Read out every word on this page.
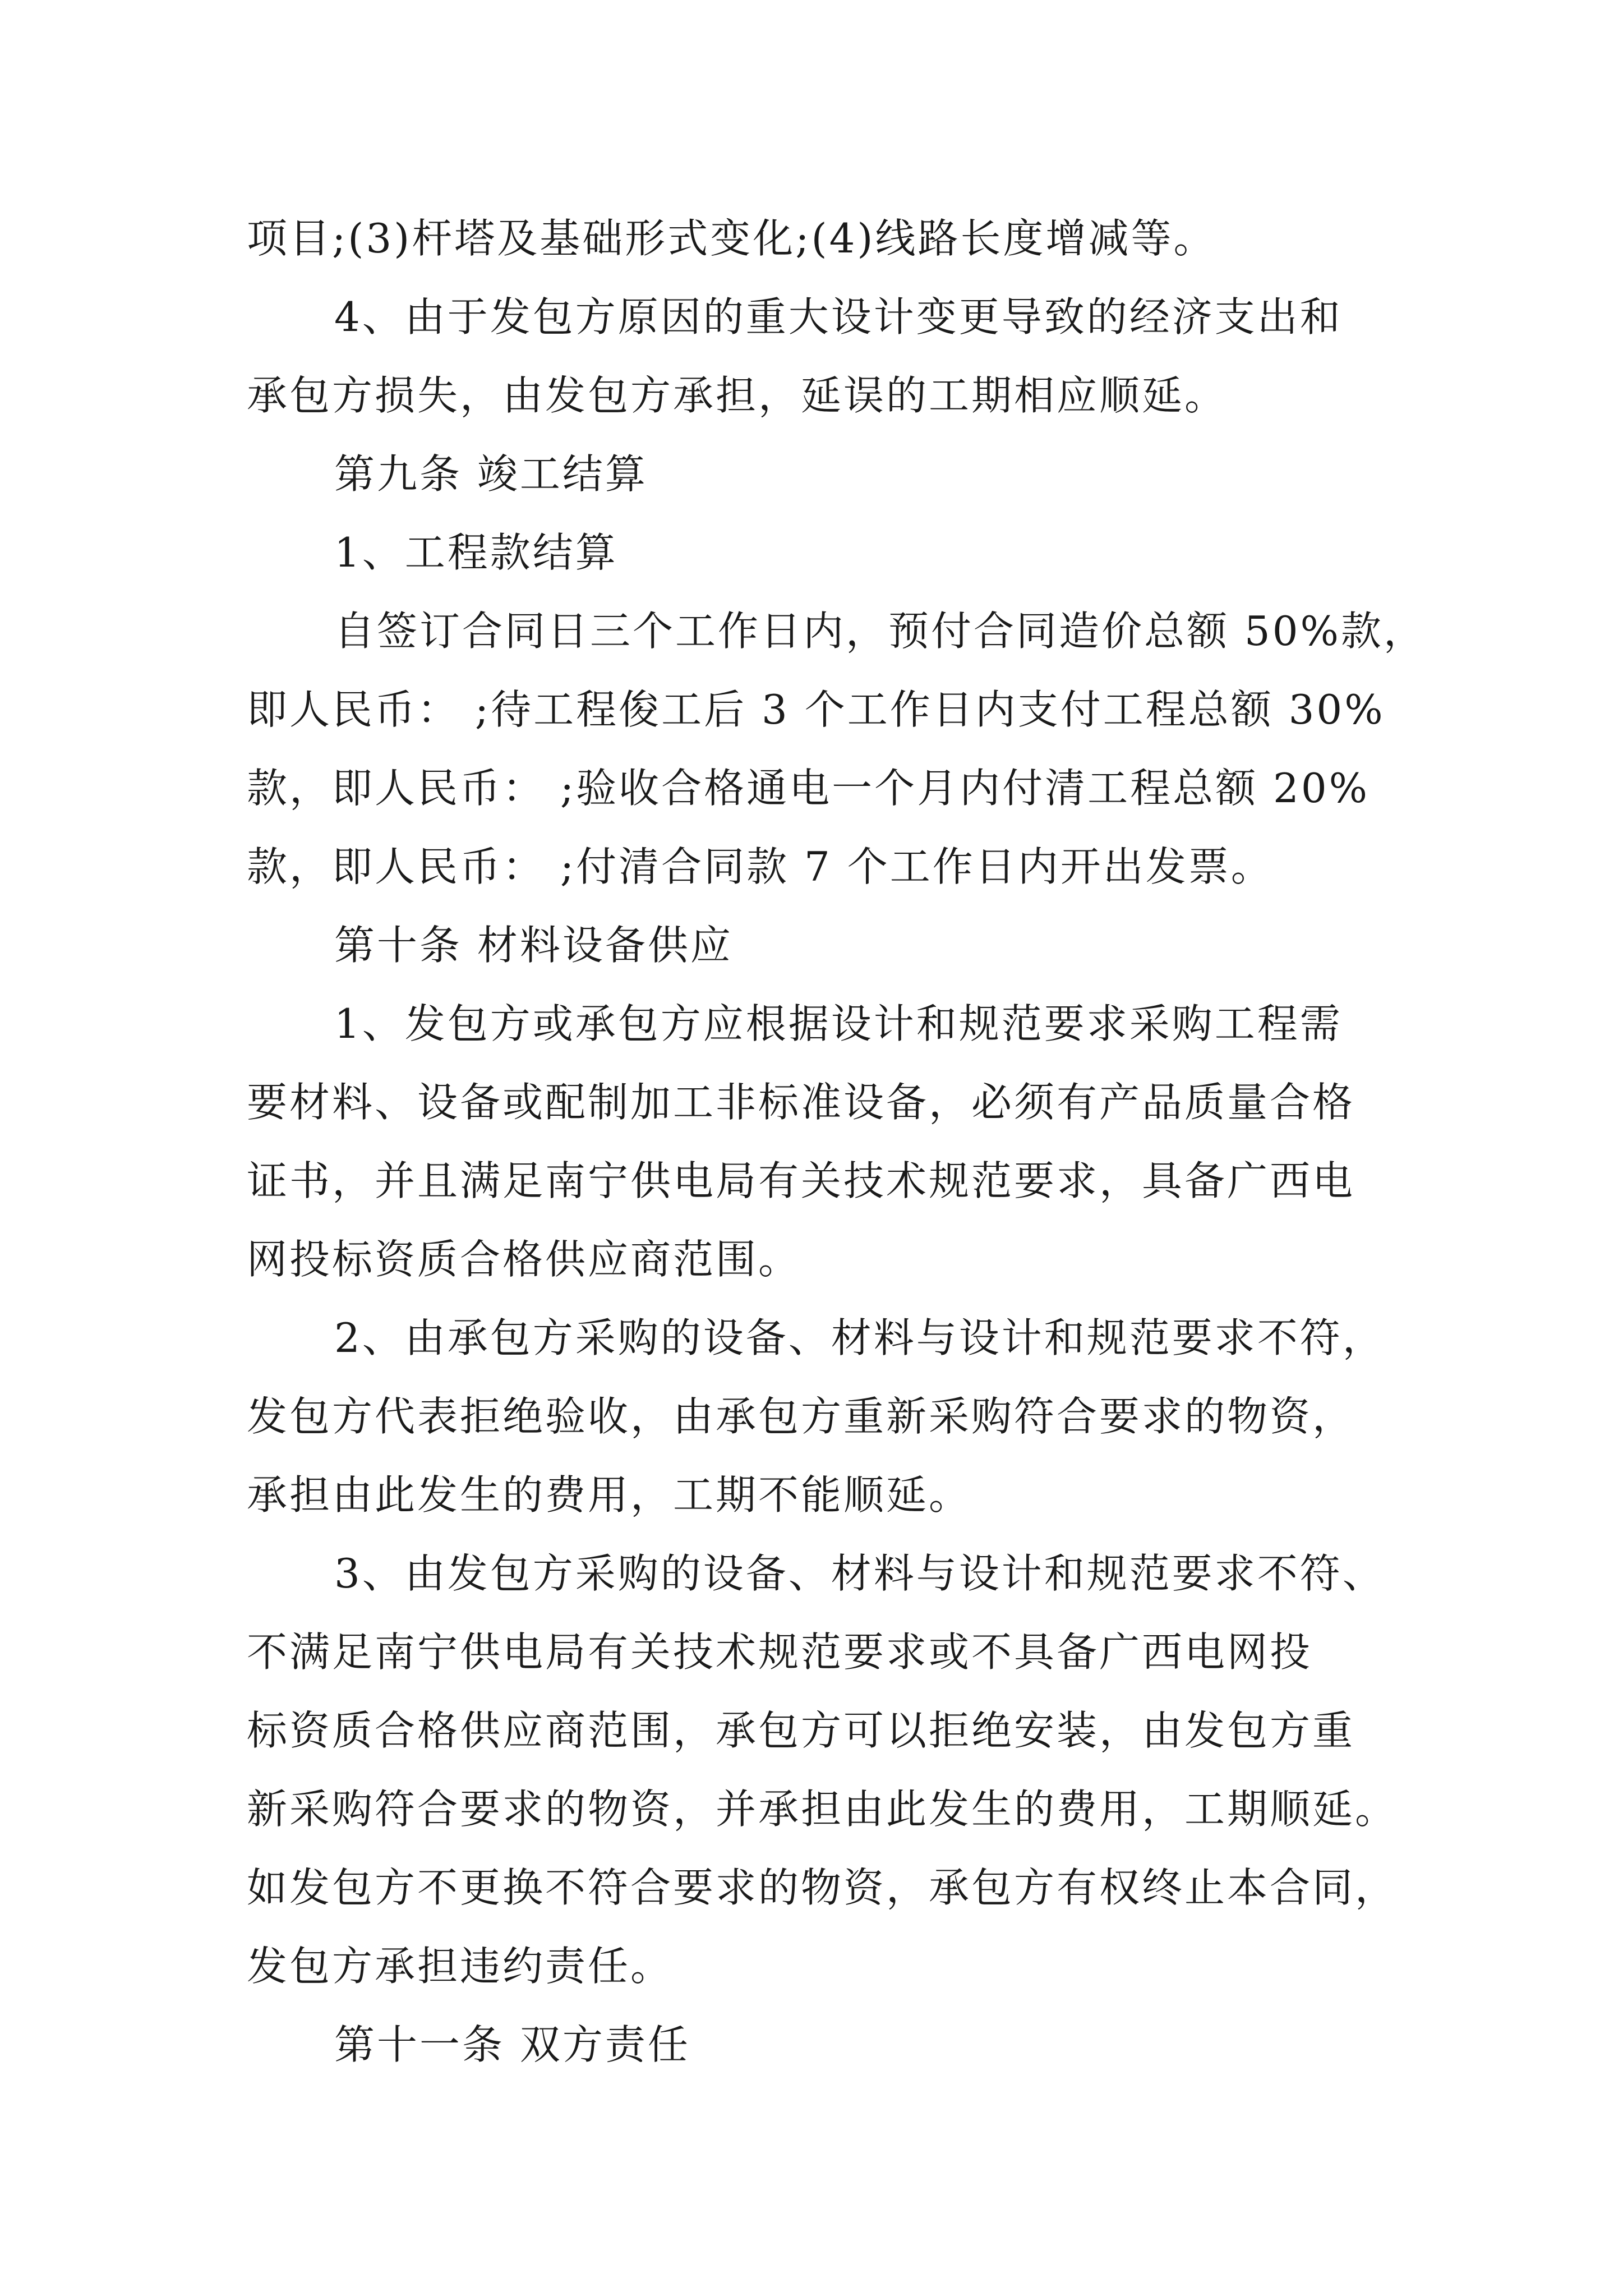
项目;(3)杆塔及基础形式变化;(4)线路长度增减等。
4、由于发包方原因的重大设计变更导致的经济支出和
承包方损失，由发包方承担，延误的工期相应顺延。
第九条 竣工结算
1、工程款结算
自签订合同日三个工作日内，预付合同造价总额 50%款，
即人民币： ;待工程俊工后 3 个工作日内支付工程总额 30%
款，即人民币： ;验收合格通电一个月内付清工程总额 20%
款，即人民币： ;付清合同款 7 个工作日内开出发票。
第十条 材料设备供应
1、发包方或承包方应根据设计和规范要求采购工程需
要材料、设备或配制加工非标准设备，必须有产品质量合格
证书，并且满足南宁供电局有关技术规范要求，具备广西电
网投标资质合格供应商范围。
2、由承包方采购的设备、材料与设计和规范要求不符，
发包方代表拒绝验收，由承包方重新采购符合要求的物资，
承担由此发生的费用，工期不能顺延。
3、由发包方采购的设备、材料与设计和规范要求不符、
不满足南宁供电局有关技术规范要求或不具备广西电网投
标资质合格供应商范围，承包方可以拒绝安装，由发包方重
新采购符合要求的物资，并承担由此发生的费用，工期顺延。
如发包方不更换不符合要求的物资，承包方有权终止本合同，
发包方承担违约责任。
第十一条 双方责任
